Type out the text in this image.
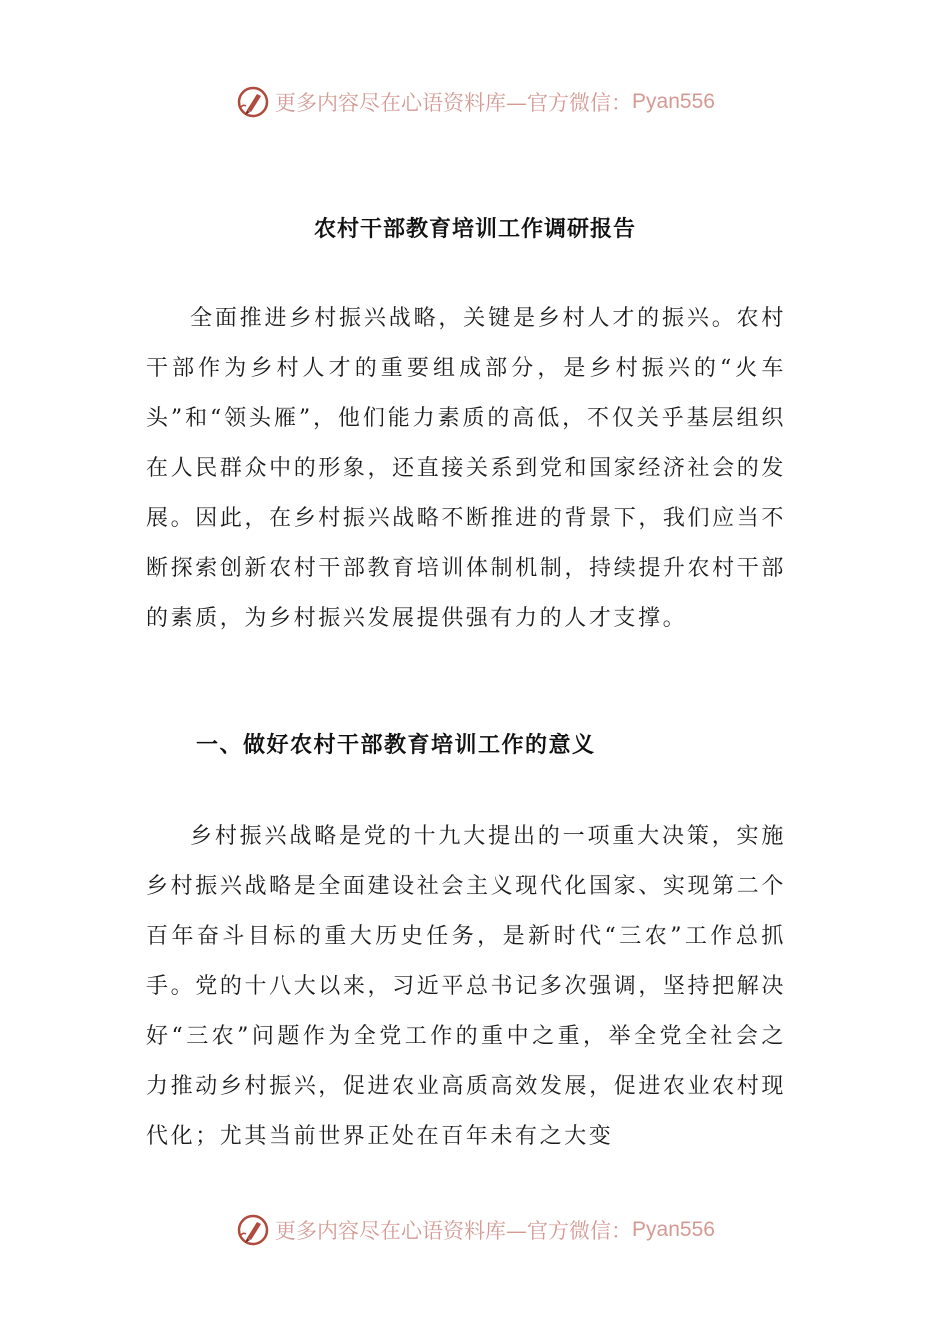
更多内容尽在心语资料库—官方微信： Pyan556
农村干部教育培训工作调研报告
全面推进乡村振兴战略，关键是乡村人才的振兴。农村干部作为乡村人才的重要组成部分，是乡村振兴的“火车头”和“领头雁”，他们能力素质的高低，不仅关乎基层组织在人民群众中的形象，还直接关系到党和国家经济社会的发展。因此，在乡村振兴战略不断推进的背景下，我们应当不断探索创新农村干部教育培训体制机制，持续提升农村干部的素质，为乡村振兴发展提供强有力的人才支撑。
一、做好农村干部教育培训工作的意义
乡村振兴战略是党的十九大提出的一项重大决策，实施乡村振兴战略是全面建设社会主义现代化国家、实现第二个百年奋斗目标的重大历史任务，是新时代“三农”工作总抓手。党的十八大以来，习近平总书记多次强调，坚持把解决好“三农”问题作为全党工作的重中之重，举全党全社会之力推动乡村振兴，促进农业高质高效发展，促进农业农村现代化；尤其当前世界正处在百年未有之大变
更多内容尽在心语资料库—官方微信： Pyan556
